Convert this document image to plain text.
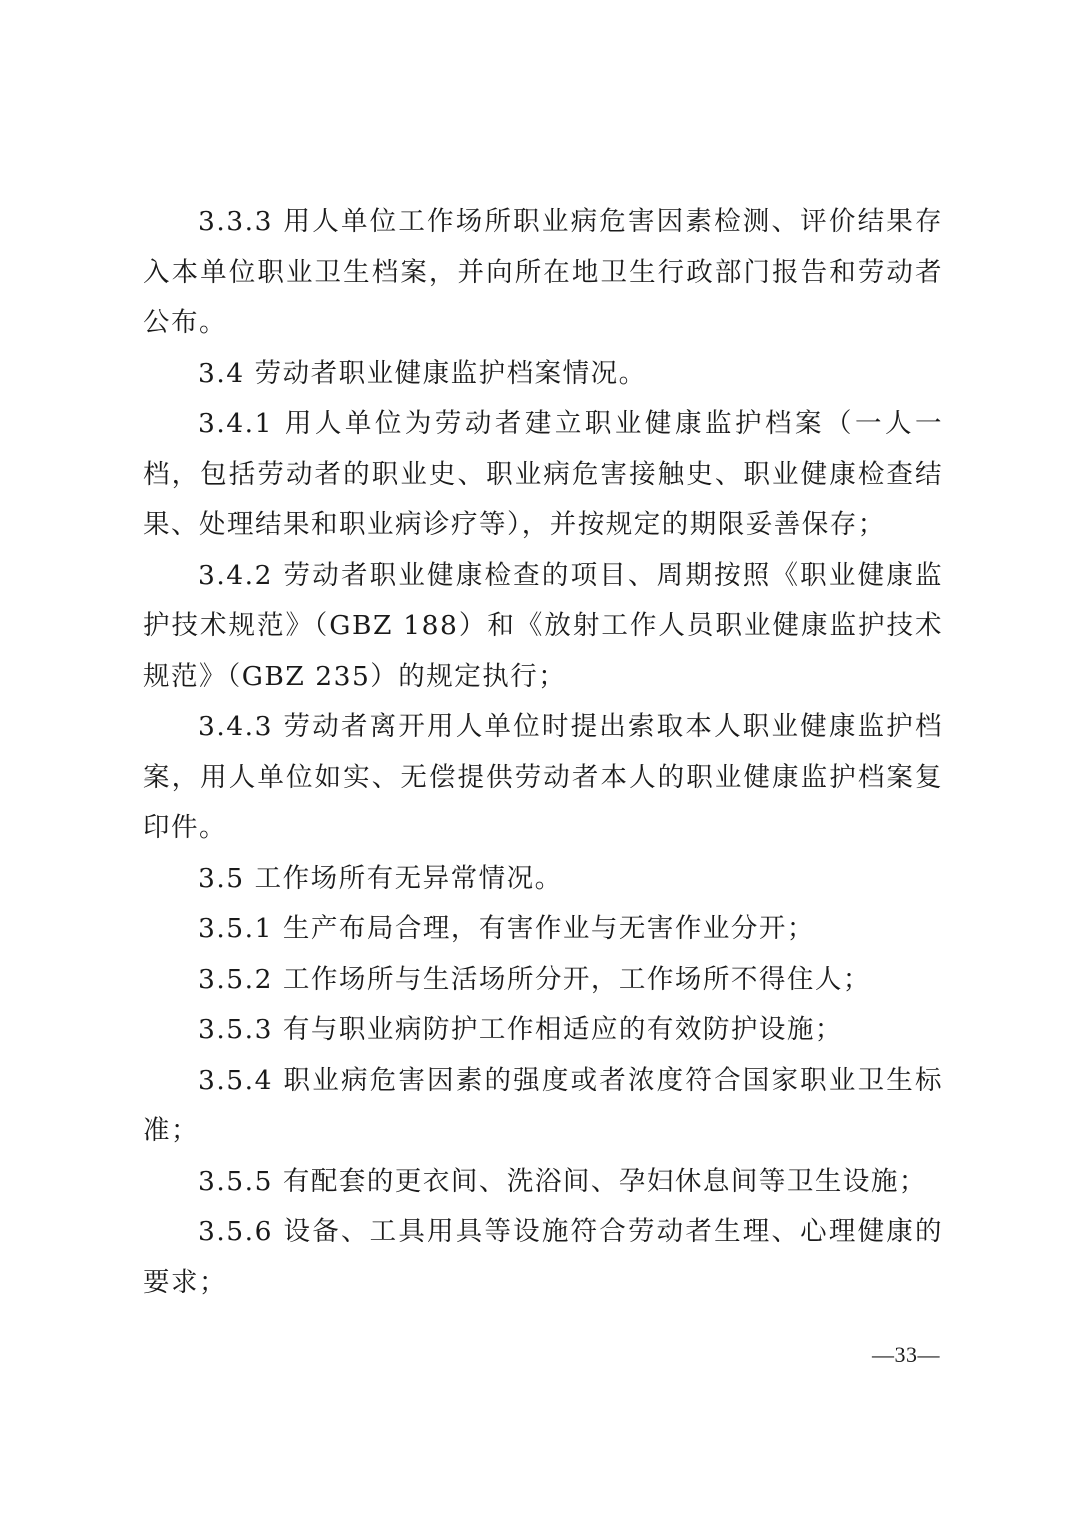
3.3.3 用人单位工作场所职业病危害因素检测、评价结果存入本单位职业卫生档案，并向所在地卫生行政部门报告和劳动者公布。

3.4 劳动者职业健康监护档案情况。

3.4.1 用人单位为劳动者建立职业健康监护档案（一人一档，包括劳动者的职业史、职业病危害接触史、职业健康检查结果、处理结果和职业病诊疗等），并按规定的期限妥善保存；

3.4.2 劳动者职业健康检查的项目、周期按照《职业健康监护技术规范》（GBZ 188）和《放射工作人员职业健康监护技术规范》（GBZ 235）的规定执行；

3.4.3 劳动者离开用人单位时提出索取本人职业健康监护档案，用人单位如实、无偿提供劳动者本人的职业健康监护档案复印件。

3.5 工作场所有无异常情况。

3.5.1 生产布局合理，有害作业与无害作业分开；

3.5.2 工作场所与生活场所分开，工作场所不得住人；

3.5.3 有与职业病防护工作相适应的有效防护设施；

3.5.4 职业病危害因素的强度或者浓度符合国家职业卫生标准；

3.5.5 有配套的更衣间、洗浴间、孕妇休息间等卫生设施；

3.5.6 设备、工具用具等设施符合劳动者生理、心理健康的要求；

—33—
